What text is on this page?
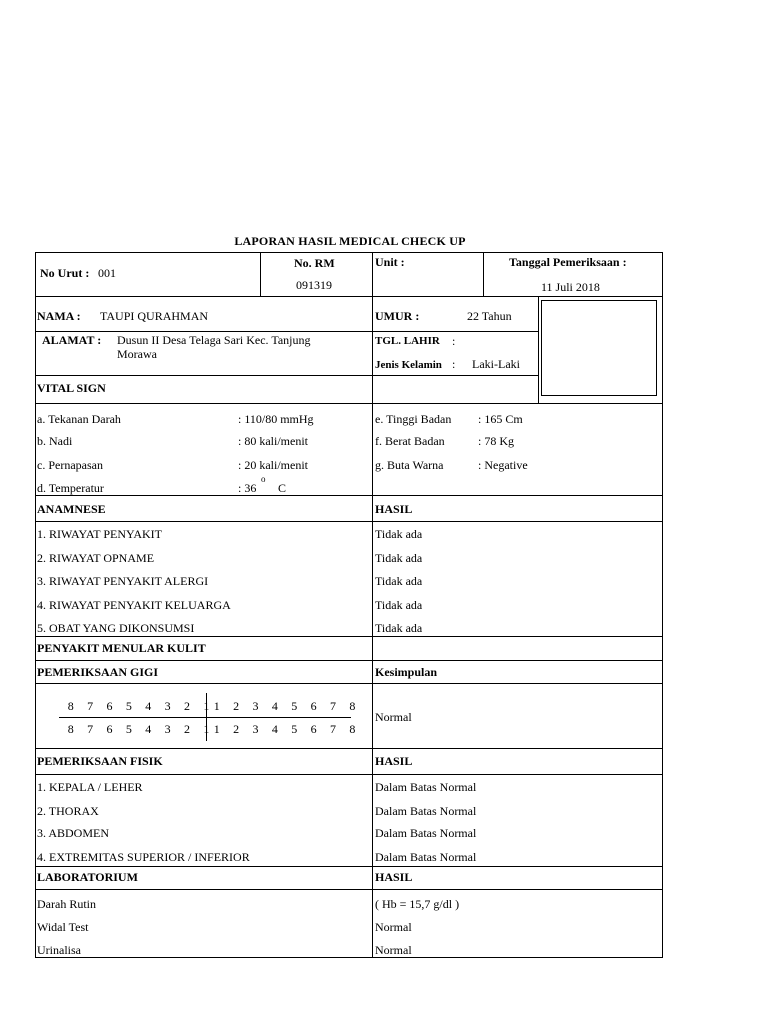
LAPORAN HASIL MEDICAL CHECK UP
No Urut : 001
No. RM
091319
Unit :	Tanggal Pemeriksaan :
11 Juli 2018
NAMA : TAUPI QURAHMAN	UMUR :	22 Tahun
ALAMAT : Dusun II Desa Telaga Sari Kec. Tanjung
Morawa
TGL. LAHIR :
Jenis Kelamin : Laki-Laki
VITAL SIGN
a. Tekanan Darah	: 110/80 mmHg
b. Nadi	: 80 kali/menit
c. Pernapasan	: 20 kali/menit
d. Temperatur	: 36
o
C
e. Tinggi Badan : 165 Cm
f. Berat Badan	: 78 Kg
g. Buta Warna	: Negative
ANAMNESE	HASIL
1. RIWAYAT PENYAKIT	Tidak ada
2. RIWAYAT OPNAME	Tidak ada
3. RIWAYAT PENYAKIT ALERGI	Tidak ada
4. RIWAYAT PENYAKIT KELUARGA	Tidak ada
5. OBAT YANG DIKONSUMSI	Tidak ada
PENYAKIT MENULAR KULIT
PEMERIKSAAN GIGI	Kesimpulan
8	7	6	5	4	3	2	1 1	2	3	4	5	6	7	8
8	7	6	5	4	3	2	1 1	2	3	4	5	6	7	8
Normal
PEMERIKSAAN FISIK	HASIL
1. KEPALA / LEHER	Dalam Batas Normal
2. THORAX	Dalam Batas Normal
3. ABDOMEN	Dalam Batas Normal
4. EXTREMITAS SUPERIOR / INFERIOR	Dalam Batas Normal
LABORATORIUM	HASIL
Darah Rutin	( Hb = 15,7 g/dl )
Widal Test	Normal
Urinalisa	Normal
